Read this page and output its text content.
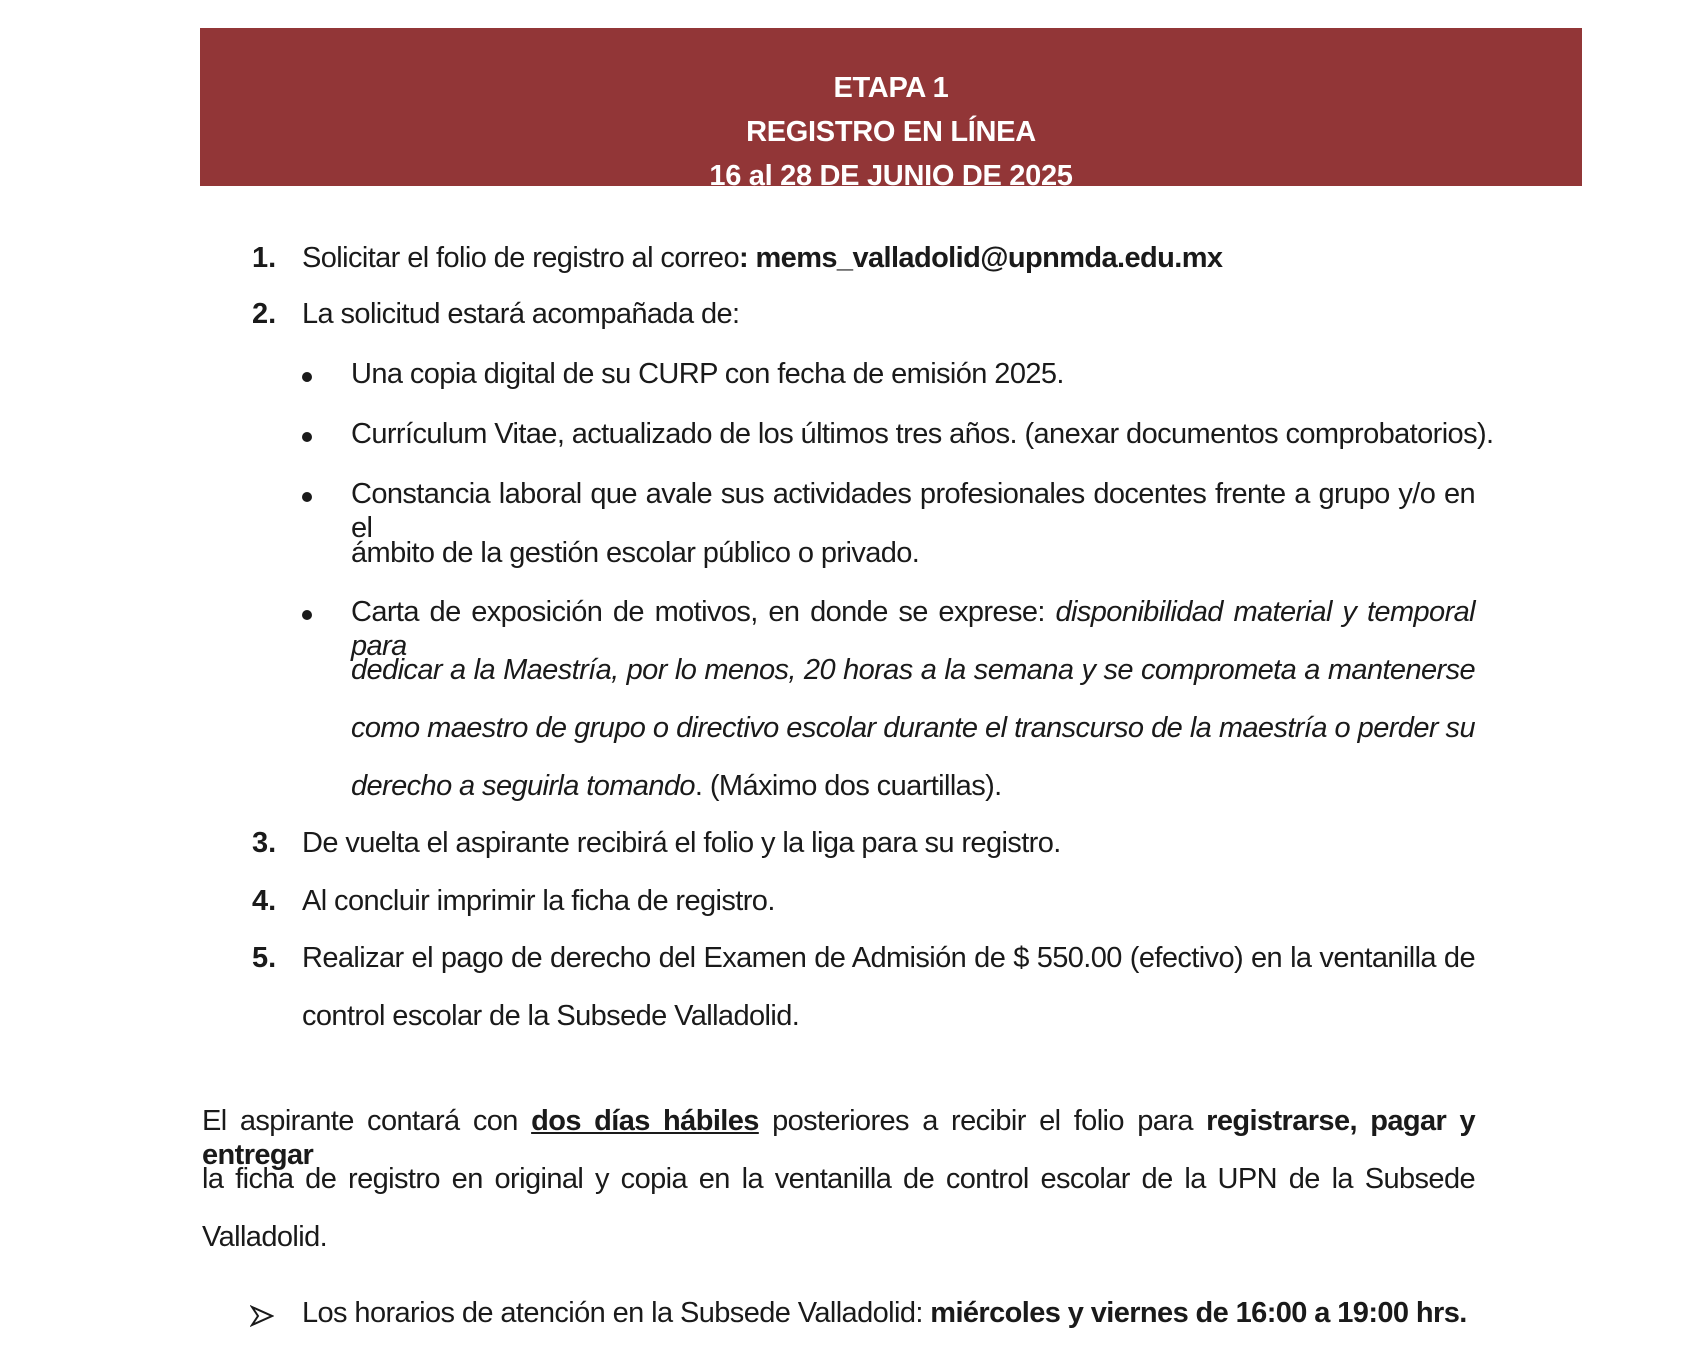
ETAPA 1
REGISTRO EN LÍNEA
16 al 28 DE JUNIO DE 2025
1. Solicitar el folio de registro al correo: mems_valladolid@upnmda.edu.mx
2. La solicitud estará acompañada de:
Una copia digital de su CURP con fecha de emisión 2025.
Currículum Vitae, actualizado de los últimos tres años. (anexar documentos comprobatorios).
Constancia laboral que avale sus actividades profesionales docentes frente a grupo y/o en el
ámbito de la gestión escolar público o privado.
Carta de exposición de motivos, en donde se exprese: disponibilidad material y temporal para
dedicar a la Maestría, por lo menos, 20 horas a la semana y se comprometa a mantenerse
como maestro de grupo o directivo escolar durante el transcurso de la maestría o perder su
derecho a seguirla tomando. (Máximo dos cuartillas).
3. De vuelta el aspirante recibirá el folio y la liga para su registro.
4. Al concluir imprimir la ficha de registro.
5. Realizar el pago de derecho del Examen de Admisión de $ 550.00 (efectivo) en la ventanilla de
control escolar de la Subsede Valladolid.
El aspirante contará con dos días hábiles posteriores a recibir el folio para registrarse, pagar y entregar
la ficha de registro en original y copia en la ventanilla de control escolar de la UPN de la Subsede
Valladolid.
Los horarios de atención en la Subsede Valladolid: miércoles y viernes de 16:00 a 19:00 hrs.
